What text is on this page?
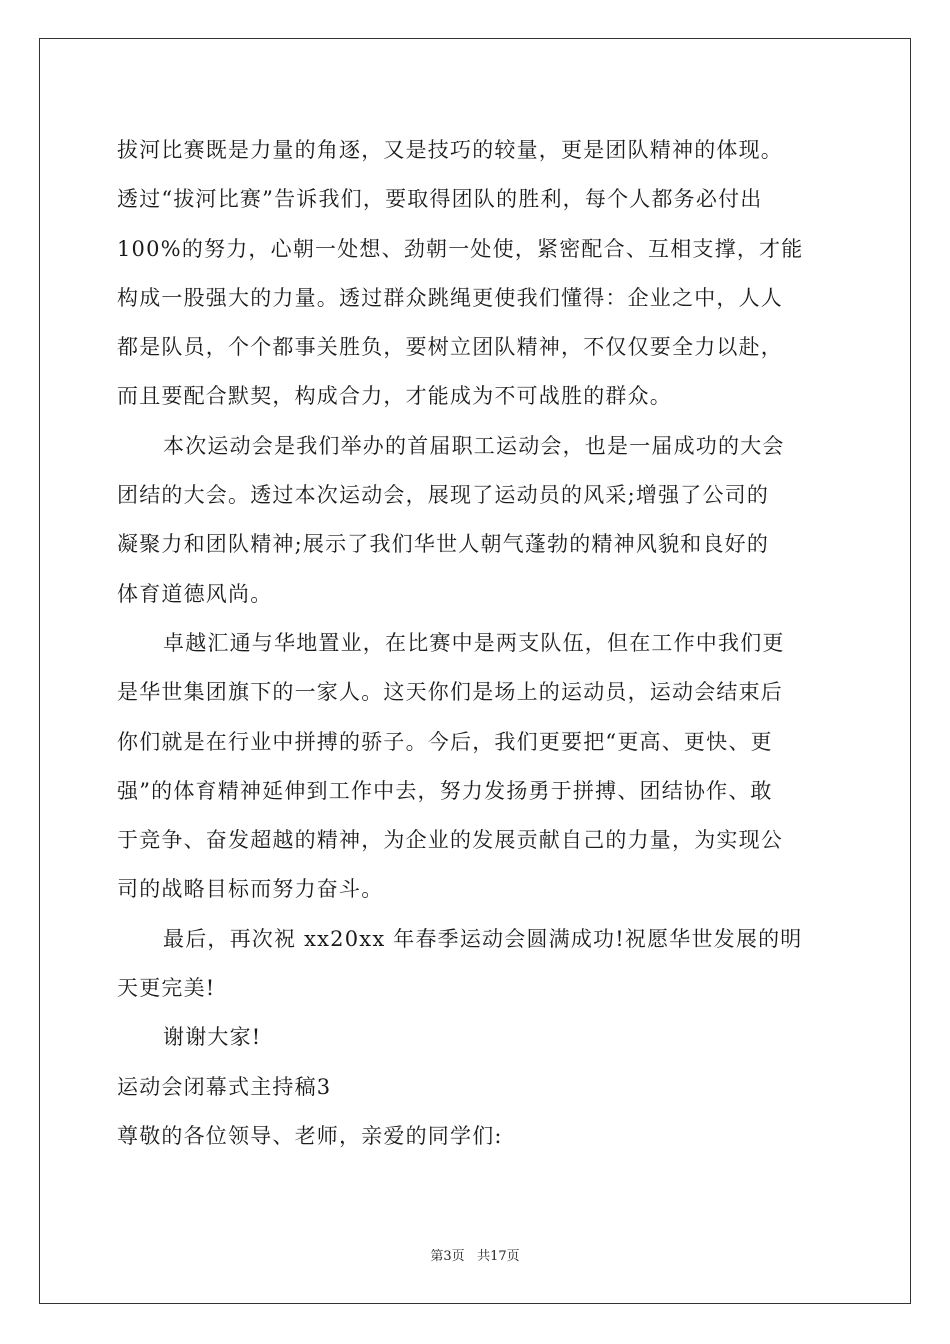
拔河比赛既是力量的角逐，又是技巧的较量，更是团队精神的体现。
透过“拔河比赛”告诉我们，要取得团队的胜利，每个人都务必付出
100%的努力，心朝一处想、劲朝一处使，紧密配合、互相支撑，才能
构成一股强大的力量。透过群众跳绳更使我们懂得：企业之中，人人
都是队员，个个都事关胜负，要树立团队精神，不仅仅要全力以赴，
而且要配合默契，构成合力，才能成为不可战胜的群众。
本次运动会是我们举办的首届职工运动会，也是一届成功的大会
团结的大会。透过本次运动会，展现了运动员的风采;增强了公司的
凝聚力和团队精神;展示了我们华世人朝气蓬勃的精神风貌和良好的
体育道德风尚。
卓越汇通与华地置业，在比赛中是两支队伍，但在工作中我们更
是华世集团旗下的一家人。这天你们是场上的运动员，运动会结束后
你们就是在行业中拼搏的骄子。今后，我们更要把“更高、更快、更
强”的体育精神延伸到工作中去，努力发扬勇于拼搏、团结协作、敢
于竞争、奋发超越的精神，为企业的发展贡献自己的力量，为实现公
司的战略目标而努力奋斗。
最后，再次祝 xx20xx 年春季运动会圆满成功!祝愿华世发展的明
天更完美!
谢谢大家!
运动会闭幕式主持稿3
尊敬的各位领导、老师，亲爱的同学们:
第3页 共17页
